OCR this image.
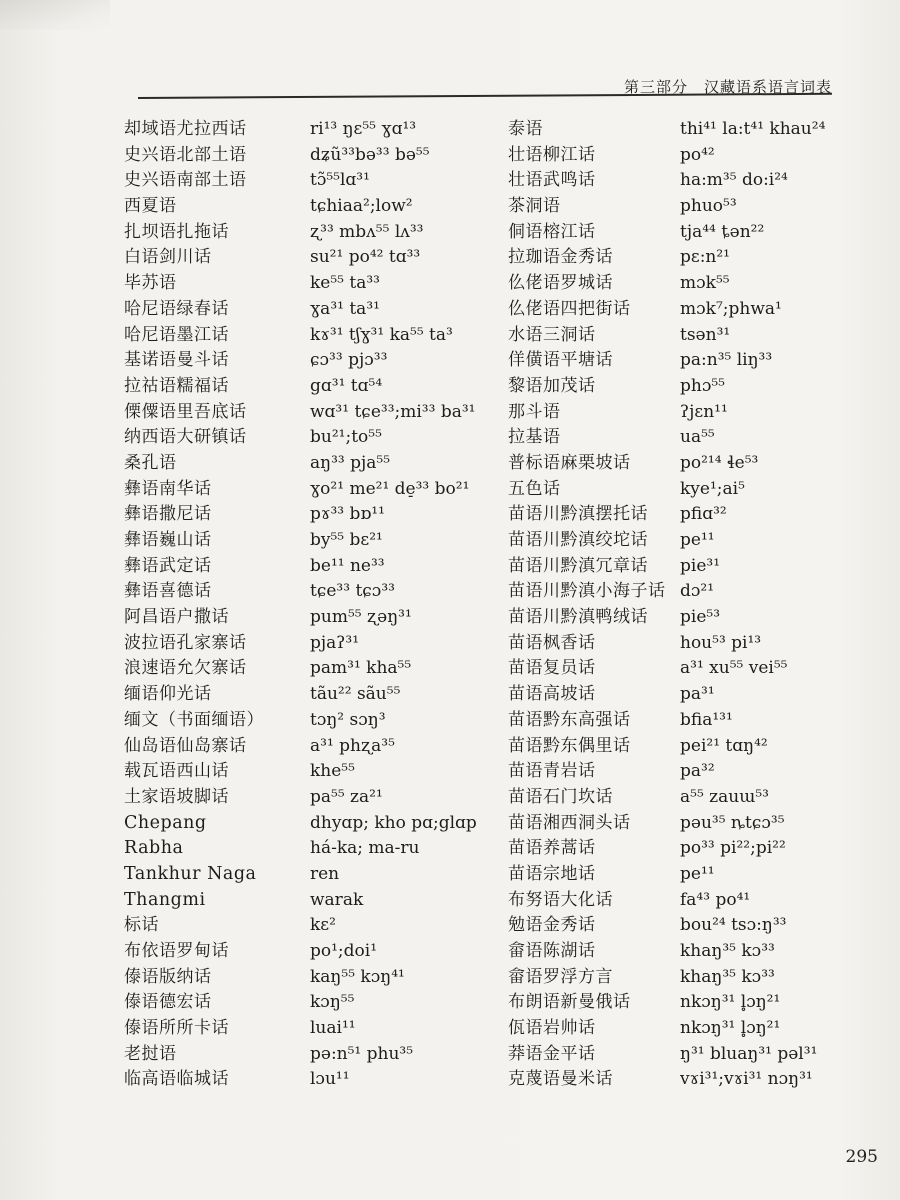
第三部分　汉藏语系语言词表
却域语尤拉西话
史兴语北部土语
史兴语南部土语
西夏语
扎坝语扎拖话
白语剑川话
毕苏语
哈尼语绿春话
哈尼语墨江话
基诺语曼斗话
拉祜语糯福话
傈僳语里吾底话
纳西语大研镇话
桑孔语
彝语南华话
彝语撒尼话
彝语巍山话
彝语武定话
彝语喜德话
阿昌语户撒话
波拉语孔家寨话
浪速语允欠寨话
缅语仰光话
缅文（书面缅语）
仙岛语仙岛寨话
载瓦语西山话
土家语坡脚话
Chepang
Rabha
Tankhur Naga
Thangmi
标话
布依语罗甸话
傣语版纳话
傣语德宏话
傣语所所卡话
老挝语
临高语临城话
ri¹³ ŋɛ⁵⁵ ɣɑ¹³
dʑũ³³bə³³ bə⁵⁵
tɔ̃⁵⁵lɑ³¹
tɕhiaa²;low²
ʐ³³ mbʌ⁵⁵ lʌ³³
su²¹ po⁴² tɑ³³
ke⁵⁵ ta³³
ɣa³¹ ta³¹
kɤ³¹ tʃɣ³¹ ka⁵⁵ ta³
ɕɔ³³ pjɔ³³
gɑ³¹ tɑ⁵⁴
wɑ³¹ tɕe³³;mi³³ ba³¹
bu²¹;to⁵⁵
aŋ³³ pja⁵⁵
ɣo²¹ me²¹ de̠³³ bo²¹
pɤ³³ bɒ¹¹
by⁵⁵ bɛ²¹
be¹¹ ne³³
tɕe³³ tɕɔ³³
pum⁵⁵ ʐəŋ³¹
pjaʔ³¹
pam³¹ kha⁵⁵
tãu²² sãu⁵⁵
tɔŋ² sɔŋ³
a³¹ phʐa³⁵
khe⁵⁵
pa⁵⁵ za²¹
dhyɑp; kho pɑ;glɑp
há-ka; ma-ru
ren
warak
kɛ²
po¹;doi¹
kaŋ⁵⁵ kɔŋ⁴¹
kɔŋ⁵⁵
luai¹¹
pə:n⁵¹ phu³⁵
lɔu¹¹
泰语
壮语柳江话
壮语武鸣话
茶洞语
侗语榕江话
拉珈语金秀话
仫佬语罗城话
仫佬语四把街话
水语三洞话
佯僙语平塘话
黎语加茂话
那斗语
拉基语
普标语麻栗坡话
五色话
苗语川黔滇摆托话
苗语川黔滇绞坨话
苗语川黔滇冗章话
苗语川黔滇小海子话
苗语川黔滇鸭绒话
苗语枫香话
苗语复员话
苗语高坡话
苗语黔东高强话
苗语黔东偶里话
苗语青岩话
苗语石门坎话
苗语湘西洞头话
苗语养蒿话
苗语宗地话
布努语大化话
勉语金秀话
畲语陈湖话
畲语罗浮方言
布朗语新曼俄话
佤语岩帅话
莽语金平话
克蔑语曼米话
thi⁴¹ la:t⁴¹ khau²⁴
po⁴²
ha:m³⁵ do:i²⁴
phuo⁵³
tja⁴⁴ ȶən²²
pɛ:n²¹
mɔk⁵⁵
mɔk⁷;phwa¹
tsən³¹
pa:n³⁵ liŋ³³
phɔ⁵⁵
ʔjɛn¹¹
ua⁵⁵
po²¹⁴ ɬe⁵³
kye¹;ai⁵
pfiɑ³²
pe¹¹
pie³¹
dɔ²¹
pie⁵³
hou⁵³ pi¹³
a³¹ xu⁵⁵ vei⁵⁵
pa³¹
bfia¹³¹
pei²¹ tɑŋ⁴²
pa³²
a⁵⁵ zauɯ⁵³
pəu³⁵ ȵtɕɔ³⁵
po³³ pi²²;pi²²
pe¹¹
fa⁴³ po⁴¹
bou²⁴ tsɔ:ŋ³³
khaŋ³⁵ kɔ³³
khaŋ³⁵ kɔ³³
nkɔŋ³¹ l̥ɔŋ²¹
nkɔŋ³¹ l̥ɔŋ²¹
ŋ³¹ bluaŋ³¹ pəl³¹
vɤi³¹;vɤi³¹ nɔŋ³¹
295
